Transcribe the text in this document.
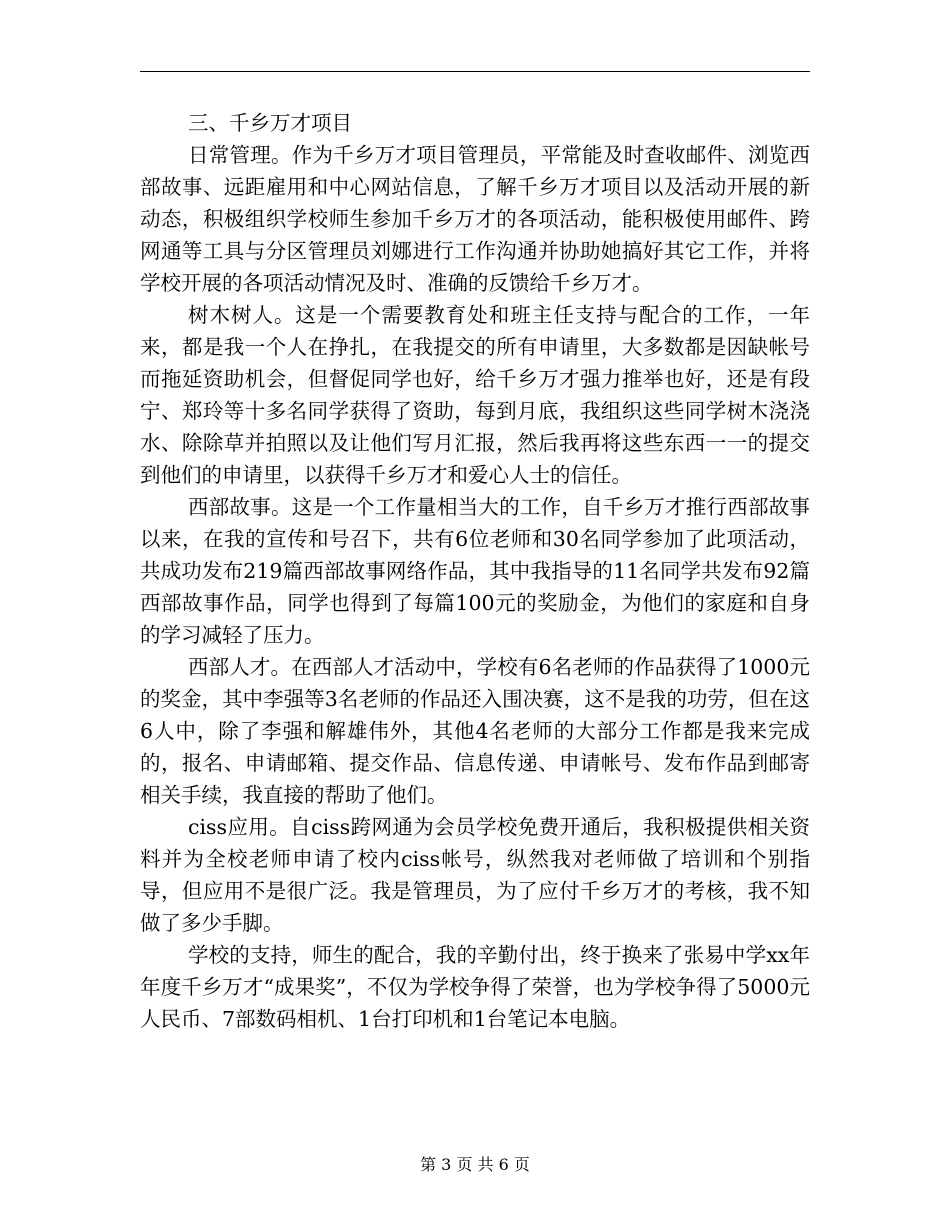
三、千乡万才项目

日常管理。作为千乡万才项目管理员，平常能及时查收邮件、浏览西部故事、远距雇用和中心网站信息，了解千乡万才项目以及活动开展的新动态，积极组织学校师生参加千乡万才的各项活动，能积极使用邮件、跨网通等工具与分区管理员刘娜进行工作沟通并协助她搞好其它工作，并将学校开展的各项活动情况及时、准确的反馈给千乡万才。

树木树人。这是一个需要教育处和班主任支持与配合的工作，一年来，都是我一个人在挣扎，在我提交的所有申请里，大多数都是因缺帐号而拖延资助机会，但督促同学也好，给千乡万才强力推举也好，还是有段宁、郑玲等十多名同学获得了资助，每到月底，我组织这些同学树木浇浇水、除除草并拍照以及让他们写月汇报，然后我再将这些东西一一的提交到他们的申请里，以获得千乡万才和爱心人士的信任。

西部故事。这是一个工作量相当大的工作，自千乡万才推行西部故事以来，在我的宣传和号召下，共有6位老师和30名同学参加了此项活动，共成功发布219篇西部故事网络作品，其中我指导的11名同学共发布92篇西部故事作品，同学也得到了每篇100元的奖励金，为他们的家庭和自身的学习减轻了压力。

西部人才。在西部人才活动中，学校有6名老师的作品获得了1000元的奖金，其中李强等3名老师的作品还入围决赛，这不是我的功劳，但在这6人中，除了李强和解雄伟外，其他4名老师的大部分工作都是我来完成的，报名、申请邮箱、提交作品、信息传递、申请帐号、发布作品到邮寄相关手续，我直接的帮助了他们。

ciss应用。自ciss跨网通为会员学校免费开通后，我积极提供相关资料并为全校老师申请了校内ciss帐号，纵然我对老师做了培训和个别指导，但应用不是很广泛。我是管理员，为了应付千乡万才的考核，我不知做了多少手脚。

学校的支持，师生的配合，我的辛勤付出，终于换来了张易中学xx年年度千乡万才“成果奖”，不仅为学校争得了荣誉，也为学校争得了5000元人民币、7部数码相机、1台打印机和1台笔记本电脑。

第 3 页 共 6 页
